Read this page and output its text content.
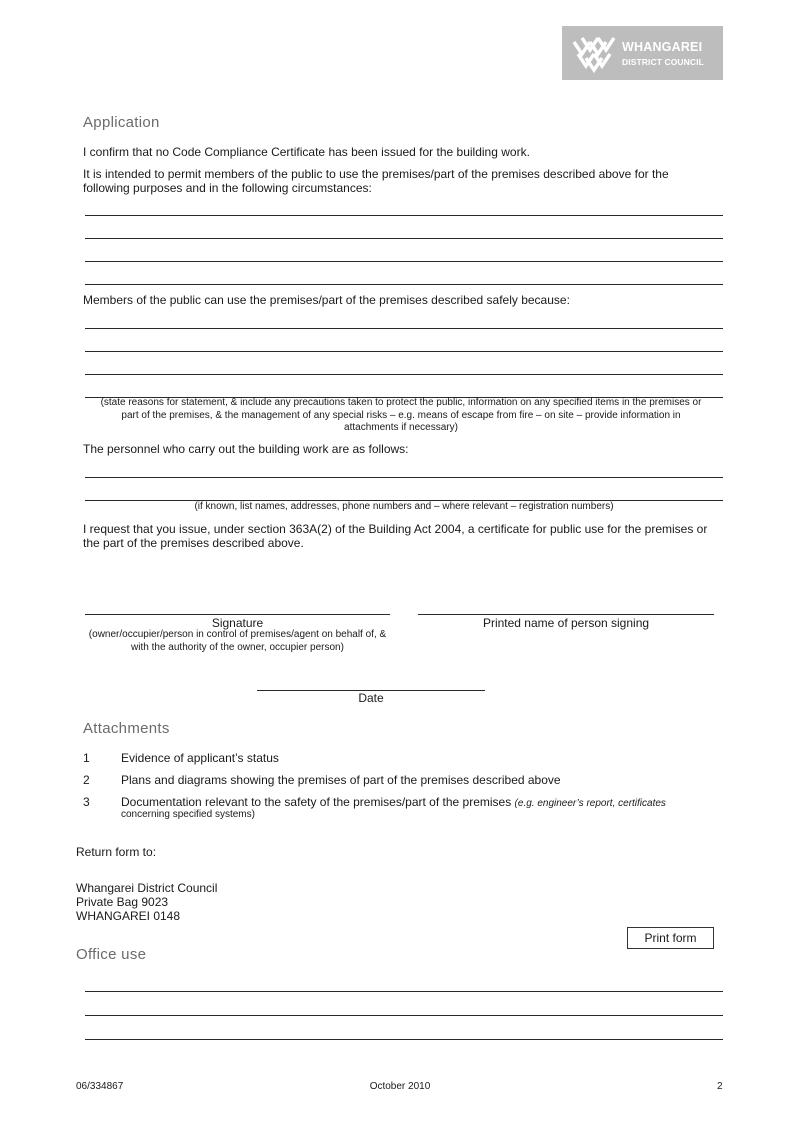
WHANGAREI
DISTRICT COUNCIL
Application
I confirm that no Code Compliance Certificate has been issued for the building work.
It is intended to permit members of the public to use the premises/part of the premises described above for the following purposes and in the following circumstances:
Members of the public can use the premises/part of the premises described safely because:
(state reasons for statement, & include any precautions taken to protect the public, information on any specified items in the premises or part of the premises, & the management of any special risks – e.g. means of escape from fire – on site – provide information in attachments if necessary)
The personnel who carry out the building work are as follows:
(if known, list names, addresses, phone numbers and – where relevant – registration numbers)
I request that you issue, under section 363A(2) of the Building Act 2004, a certificate for public use for the premises or the part of the premises described above.
Signature
(owner/occupier/person in control of premises/agent on behalf of, & with the authority of the owner, occupier person)
Printed name of person signing
Date
Attachments
1	Evidence of applicant’s status
2	Plans and diagrams showing the premises of part of the premises described above
3	Documentation relevant to the safety of the premises/part of the premises (e.g. engineer’s report, certificates
concerning specified systems)
Return form to:
Whangarei District Council
Private Bag 9023
WHANGAREI 0148
Print form
Office use
06/334867	October 2010	2
